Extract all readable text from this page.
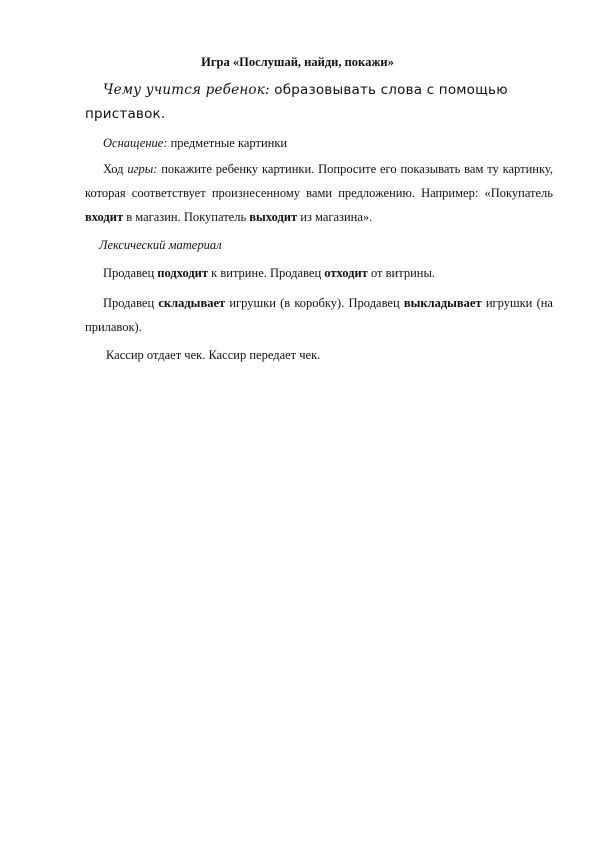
Игра «Послушай, найди, покажи»

Чему учится ребенок: образовывать слова с помощью приставок.

Оснащение: предметные картинки

Ход игры: покажите ребенку картинки. Попросите его показывать вам ту картинку, которая соответствует произнесенному вами предложению. Например: «Покупатель входит в магазин. Покупатель выходит из магазина».

Лексический материал

Продавец подходит к витрине. Продавец отходит от витрины.

Продавец складывает игрушки (в коробку). Продавец выкладывает игрушки (на прилавок).

Кассир отдает чек. Кассир передает чек.
